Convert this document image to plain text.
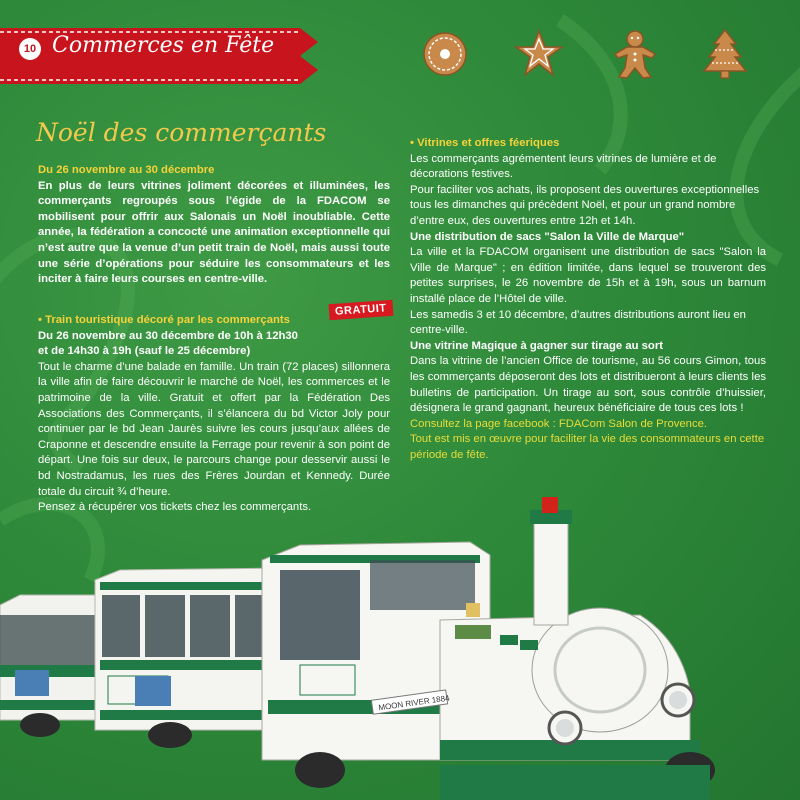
10 Commerces en Fête
Noël des commerçants

Du 26 novembre au 30 décembre

En plus de leurs vitrines joliment décorées et illuminées, les commerçants regroupés sous l’égide de la FDACOM se mobilisent pour offrir aux Salonais un Noël inoubliable. Cette année, la fédération a concocté une animation exceptionnelle qui n’est autre que la venue d’un petit train de Noël, mais aussi toute une série d’opérations pour séduire les consommateurs et les inciter à faire leurs courses en centre-ville.

GRATUIT

• Train touristique décoré par les commerçants

Du 26 novembre au 30 décembre de 10h à 12h30

et de 14h30 à 19h (sauf le 25 décembre)

Tout le charme d’une balade en famille. Un train (72 places) sillonnera la ville afin de faire découvrir le marché de Noël, les commerces et le patrimoine de la ville. Gratuit et offert par la Fédération Des Associations des Commerçants, il s’élancera du bd Victor Joly pour continuer par le bd Jean Jaurès suivre les cours jusqu’aux allées de Craponne et descendre ensuite la Ferrage pour revenir à son point de départ. Une fois sur deux, le parcours change pour desservir aussi le bd Nostradamus, les rues des Frères Jourdan et Kennedy. Durée totale du circuit ¾ d’heure.

Pensez à récupérer vos tickets chez les commerçants.

• Vitrines et offres féeriques

Les commerçants agrémentent leurs vitrines de lumière et de décorations festives.

Pour faciliter vos achats, ils proposent des ouvertures exceptionnelles tous les dimanches qui précèdent Noël, et pour un grand nombre d’entre eux, des ouvertures entre 12h et 14h.

Une distribution de sacs "Salon la Ville de Marque"

La ville et la FDACOM organisent une distribution de sacs "Salon la Ville de Marque" ; en édition limitée, dans lequel se trouveront des petites surprises, le 26 novembre de 15h et à 19h, sous un barnum installé place de l’Hôtel de ville.

Les samedis 3 et 10 décembre, d’autres distributions auront lieu en centre-ville.

Une vitrine Magique à gagner sur tirage au sort

Dans la vitrine de l’ancien Office de tourisme, au 56 cours Gimon, tous les commerçants déposeront des lots et distribueront à leurs clients les bulletins de participation. Un tirage au sort, sous contrôle d’huissier, désignera le grand gagnant, heureux bénéficiaire de tous ces lots !

Consultez la page facebook : FDACom Salon de Provence.

Tout est mis en œuvre pour faciliter la vie des consommateurs en cette période de fête.

MOON RIVER 1884
